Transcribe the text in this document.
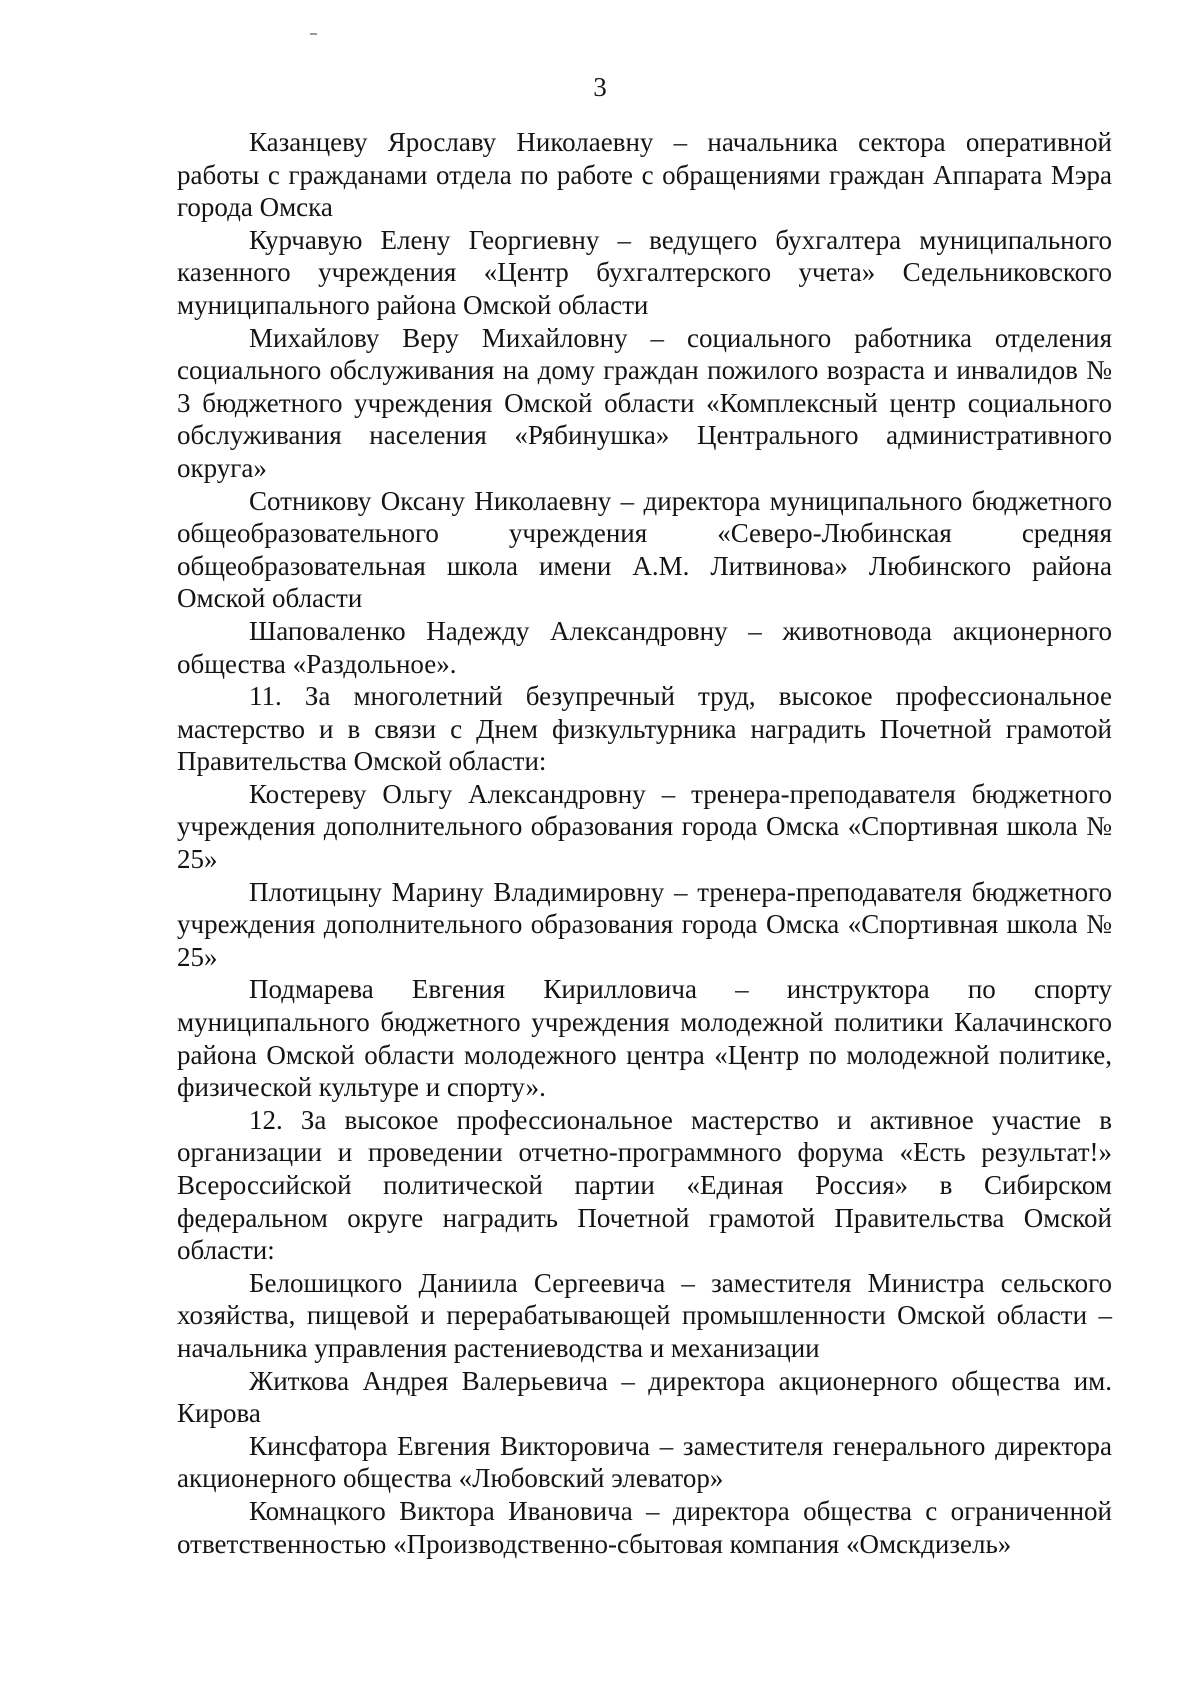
3

Казанцеву Ярославу Николаевну – начальника сектора оперативной работы с гражданами отдела по работе с обращениями граждан Аппарата Мэра города Омска

Курчавую Елену Георгиевну – ведущего бухгалтера муниципального казенного учреждения «Центр бухгалтерского учета» Седельниковского муниципального района Омской области

Михайлову Веру Михайловну – социального работника отделения социального обслуживания на дому граждан пожилого возраста и инвалидов № 3 бюджетного учреждения Омской области «Комплексный центр социального обслуживания населения «Рябинушка» Центрального административного округа»

Сотникову Оксану Николаевну – директора муниципального бюджетного общеобразовательного учреждения «Северо-Любинская средняя общеобразовательная школа имени А.М. Литвинова» Любинского района Омской области

Шаповаленко Надежду Александровну – животновода акционерного общества «Раздольное».

11. За многолетний безупречный труд, высокое профессиональное мастерство и в связи с Днем физкультурника наградить Почетной грамотой Правительства Омской области:

Костереву Ольгу Александровну – тренера-преподавателя бюджетного учреждения дополнительного образования города Омска «Спортивная школа № 25»

Плотицыну Марину Владимировну – тренера-преподавателя бюджетного учреждения дополнительного образования города Омска «Спортивная школа № 25»

Подмарева Евгения Кирилловича – инструктора по спорту муниципального бюджетного учреждения молодежной политики Калачинского района Омской области молодежного центра «Центр по молодежной политике, физической культуре и спорту».

12. За высокое профессиональное мастерство и активное участие в организации и проведении отчетно-программного форума «Есть результат!» Всероссийской политической партии «Единая Россия» в Сибирском федеральном округе наградить Почетной грамотой Правительства Омской области:

Белошицкого Даниила Сергеевича – заместителя Министра сельского хозяйства, пищевой и перерабатывающей промышленности Омской области – начальника управления растениеводства и механизации

Житкова Андрея Валерьевича – директора акционерного общества им. Кирова

Кинсфатора Евгения Викторовича – заместителя генерального директора акционерного общества «Любовский элеватор»

Комнацкого Виктора Ивановича – директора общества с ограниченной ответственностью «Производственно-сбытовая компания «Омскдизель»
